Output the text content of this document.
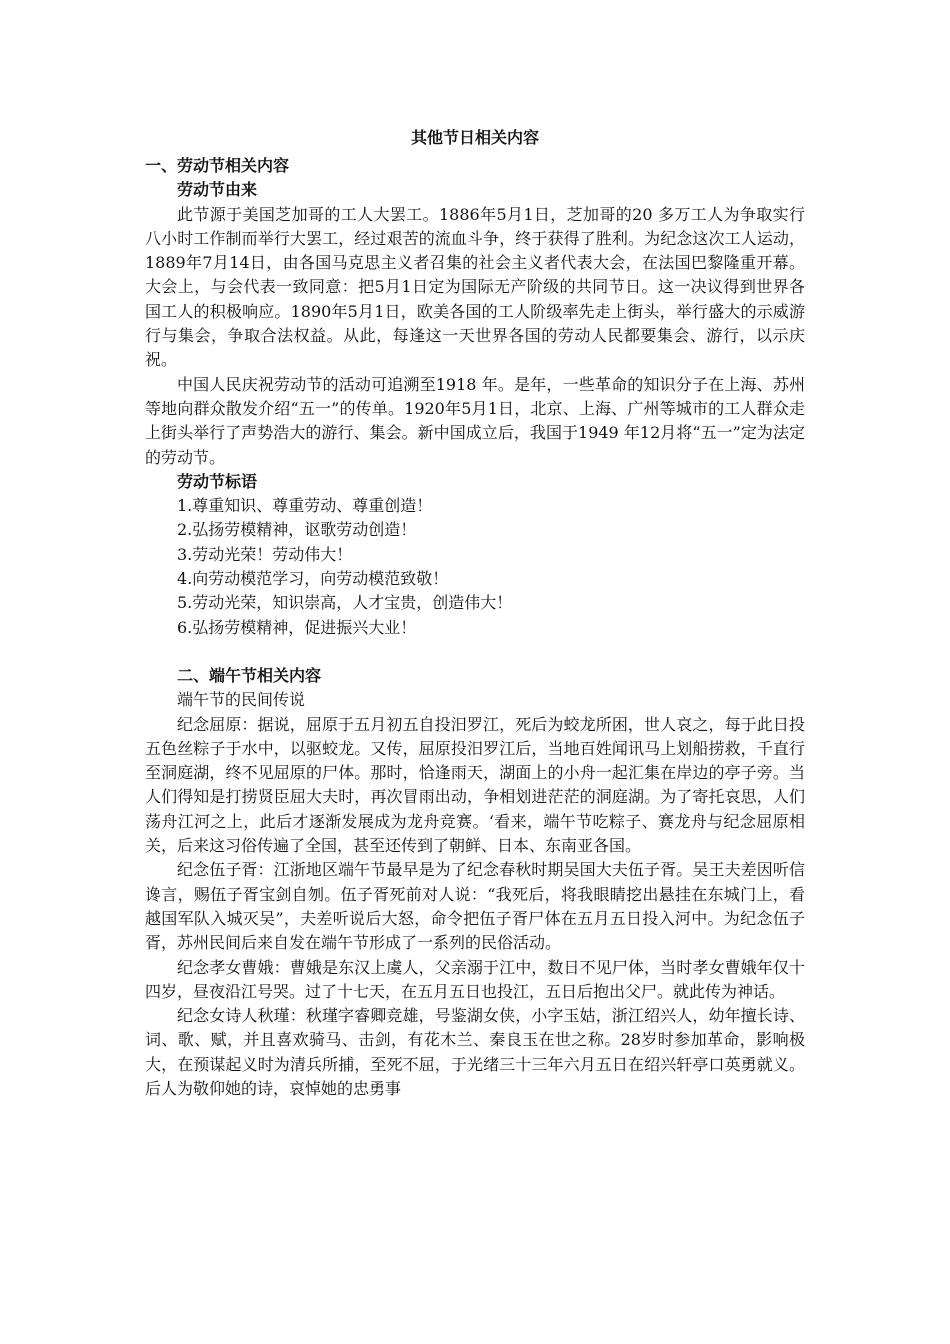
其他节日相关内容
一、劳动节相关内容
劳动节由来

此节源于美国芝加哥的工人大罢工。1886年5月1日，芝加哥的20 多万工人为争取实行八小时工作制而举行大罢工，经过艰苦的流血斗争，终于获得了胜利。为纪念这次工人运动，1889年7月14日，由各国马克思主义者召集的社会主义者代表大会，在法国巴黎隆重开幕。大会上，与会代表一致同意：把5月1日定为国际无产阶级的共同节日。这一决议得到世界各国工人的积极响应。1890年5月1日，欧美各国的工人阶级率先走上街头，举行盛大的示威游行与集会，争取合法权益。从此，每逢这一天世界各国的劳动人民都要集会、游行，以示庆祝。

中国人民庆祝劳动节的活动可追溯至1918 年。是年，一些革命的知识分子在上海、苏州等地向群众散发介绍“五一”的传单。1920年5月1日，北京、上海、广州等城市的工人群众走上街头举行了声势浩大的游行、集会。新中国成立后，我国于1949 年12月将“五一”定为法定的劳动节。

劳动节标语
1.尊重知识、尊重劳动、尊重创造！
2.弘扬劳模精神，讴歌劳动创造！
3.劳动光荣！劳动伟大！
4.向劳动模范学习，向劳动模范致敬！
5.劳动光荣，知识崇高，人才宝贵，创造伟大！
6.弘扬劳模精神，促进振兴大业！
二、端午节相关内容
端午节的民间传说

纪念屈原：据说，屈原于五月初五自投汨罗江，死后为蛟龙所困，世人哀之，每于此日投五色丝粽子于水中，以驱蛟龙。又传，屈原投汨罗江后，当地百姓闻讯马上划船捞救，千直行至洞庭湖，终不见屈原的尸体。那时，恰逢雨天，湖面上的小舟一起汇集在岸边的亭子旁。当人们得知是打捞贤臣屈大夫时，再次冒雨出动，争相划进茫茫的洞庭湖。为了寄托哀思，人们荡舟江河之上，此后才逐渐发展成为龙舟竞赛。‘看来，端午节吃粽子、赛龙舟与纪念屈原相关，后来这习俗传遍了全国，甚至还传到了朝鲜、日本、东南亚各国。

纪念伍子胥：江浙地区端午节最早是为了纪念春秋时期吴国大夫伍子胥。吴王夫差因听信谗言，赐伍子胥宝剑自刎。伍子胥死前对人说：“我死后，将我眼睛挖出悬挂在东城门上，看越国军队入城灭吴”，夫差听说后大怒，命令把伍子胥尸体在五月五日投入河中。为纪念伍子胥，苏州民间后来自发在端午节形成了一系列的民俗活动。

纪念孝女曹娥：曹娥是东汉上虞人，父亲溺于江中，数日不见尸体，当时孝女曹娥年仅十四岁，昼夜沿江号哭。过了十七天，在五月五日也投江，五日后抱出父尸。就此传为神话。

纪念女诗人秋瑾：秋瑾字睿卿竞雄，号鉴湖女侠，小字玉姑，浙江绍兴人，幼年擅长诗、词、歌、赋，并且喜欢骑马、击剑，有花木兰、秦良玉在世之称。28岁时参加革命，影响极大，在预谋起义时为清兵所捕，至死不屈，于光绪三十三年六月五日在绍兴轩亭口英勇就义。后人为敬仰她的诗，哀悼她的忠勇事
